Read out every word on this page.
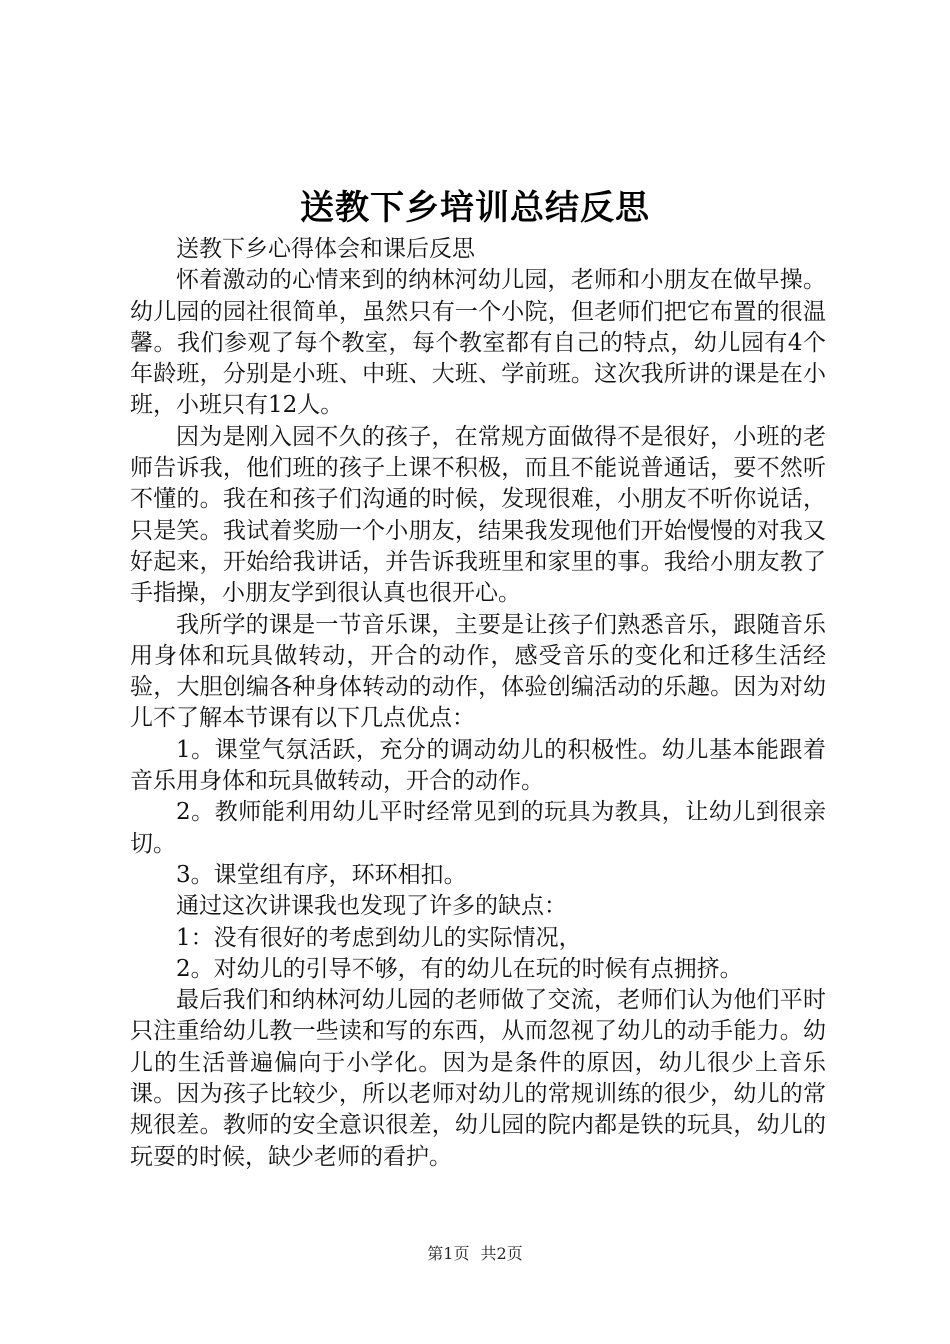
送教下乡培训总结反思

送教下乡心得体会和课后反思

怀着激动的心情来到的纳林河幼儿园，老师和小朋友在做早操。幼儿园的园社很简单，虽然只有一个小院，但老师们把它布置的很温馨。我们参观了每个教室，每个教室都有自己的特点，幼儿园有4个年龄班，分别是小班、中班、大班、学前班。这次我所讲的课是在小班，小班只有12人。

因为是刚入园不久的孩子，在常规方面做得不是很好，小班的老师告诉我，他们班的孩子上课不积极，而且不能说普通话，要不然听不懂的。我在和孩子们沟通的时候，发现很难，小朋友不听你说话，只是笑。我试着奖励一个小朋友，结果我发现他们开始慢慢的对我又好起来，开始给我讲话，并告诉我班里和家里的事。我给小朋友教了手指操，小朋友学到很认真也很开心。

我所学的课是一节音乐课，主要是让孩子们熟悉音乐，跟随音乐用身体和玩具做转动，开合的动作，感受音乐的变化和迁移生活经验，大胆创编各种身体转动的动作，体验创编活动的乐趣。因为对幼儿不了解本节课有以下几点优点：

1。课堂气氛活跃，充分的调动幼儿的积极性。幼儿基本能跟着音乐用身体和玩具做转动，开合的动作。

2。教师能利用幼儿平时经常见到的玩具为教具，让幼儿到很亲切。

3。课堂组有序，环环相扣。

通过这次讲课我也发现了许多的缺点：

1：没有很好的考虑到幼儿的实际情况，

2。对幼儿的引导不够，有的幼儿在玩的时候有点拥挤。

最后我们和纳林河幼儿园的老师做了交流，老师们认为他们平时只注重给幼儿教一些读和写的东西，从而忽视了幼儿的动手能力。幼儿的生活普遍偏向于小学化。因为是条件的原因，幼儿很少上音乐课。因为孩子比较少，所以老师对幼儿的常规训练的很少，幼儿的常规很差。教师的安全意识很差，幼儿园的院内都是铁的玩具，幼儿的玩耍的时候，缺少老师的看护。

第1页 共2页
